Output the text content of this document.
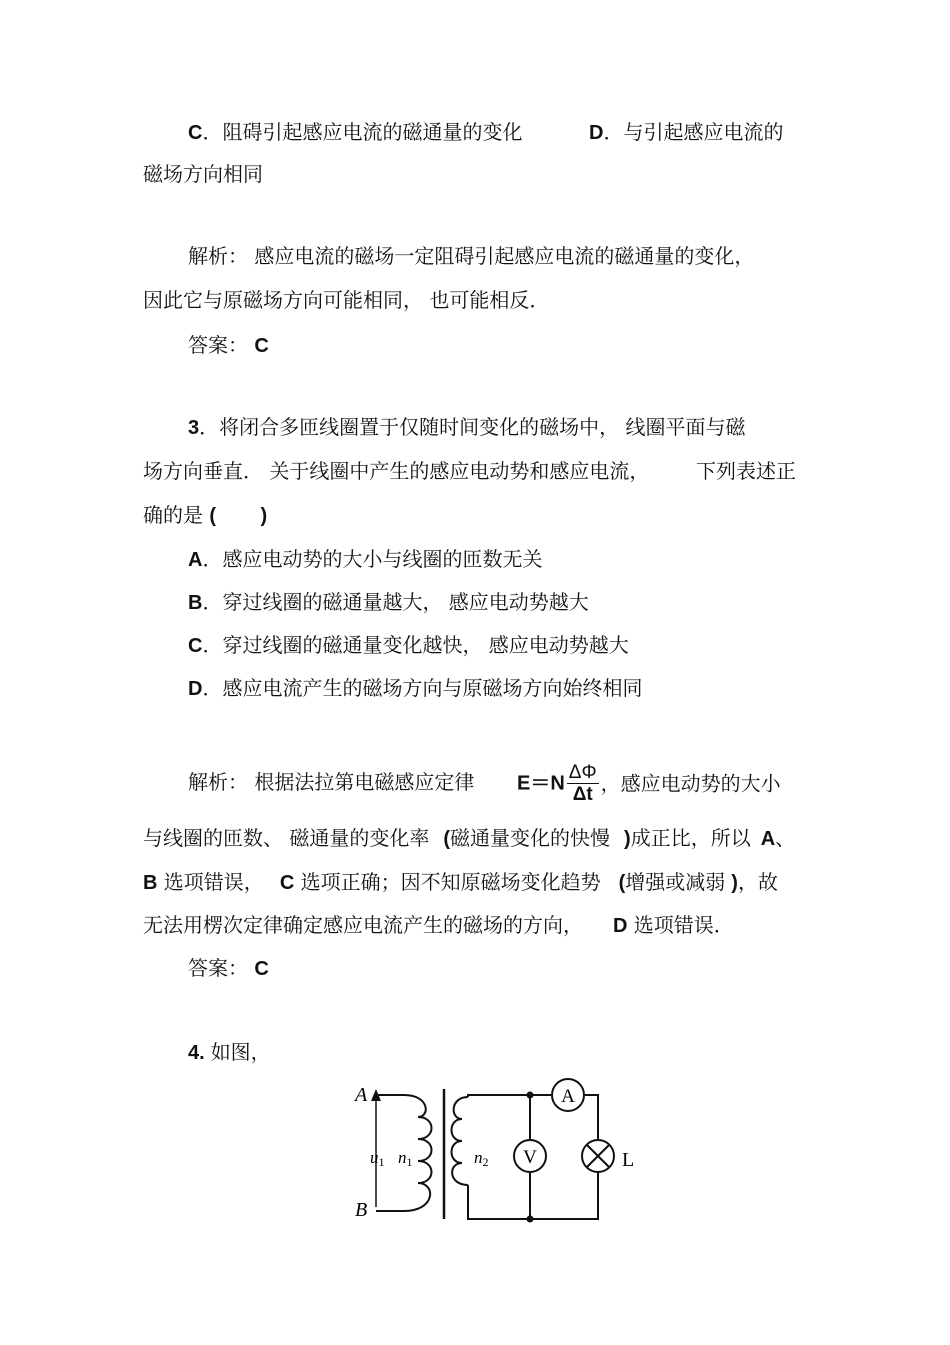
C．阻碍引起感应电流的磁通量的变化	D．与引起感应电流的
磁场方向相同
解析： 感应电流的磁场一定阻碍引起感应电流的磁通量的变化，
因此它与原磁场方向可能相同， 也可能相反．
答案： C
3．将闭合多匝线圈置于仅随时间变化的磁场中， 线圈平面与磁
场方向垂直． 关于线圈中产生的感应电动势和感应电流， 下列表述正
确的是 (        )
A．感应电动势的大小与线圈的匝数无关
B．穿过线圈的磁通量越大， 感应电动势越大
C．穿过线圈的磁通量变化越快， 感应电动势越大
D．感应电流产生的磁场方向与原磁场方向始终相同
解析： 根据法拉第电磁感应定律 $E=N \frac{\Delta\Phi}{\Delta t}$ ，感应电动势的大小
与线圈的匝数、 磁通量的变化率 (磁通量变化的快慢 )成正比，所以 A、
B 选项错误， C 选项正确；因不知原磁场变化趋势 (增强或减弱 )，故
无法用楞次定律确定感应电流产生的磁场的方向， D 选项错误．
答案： C
4. 如图，
A
V	L
A
B
u1 n1	n2
